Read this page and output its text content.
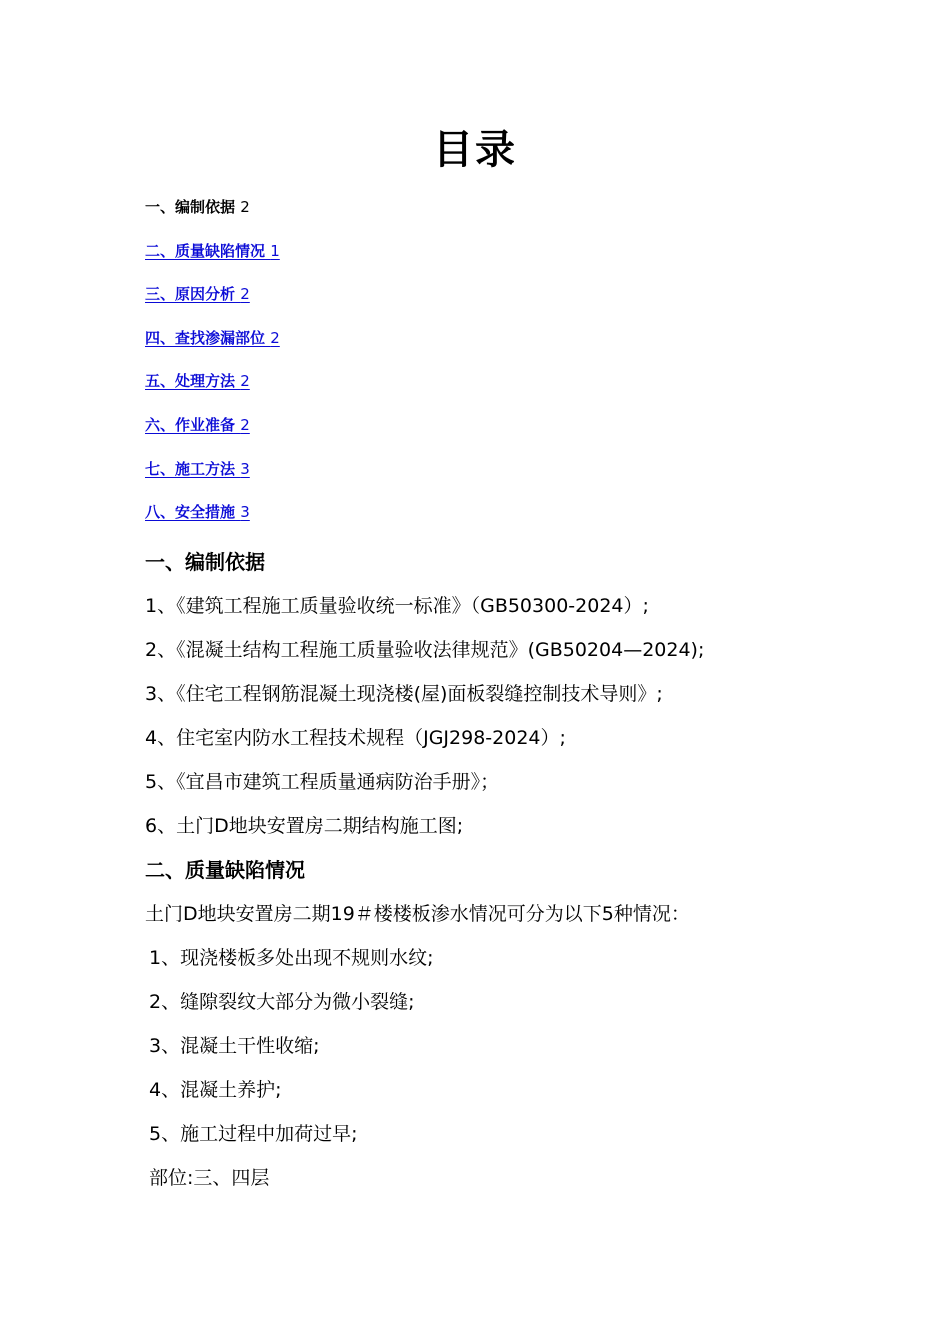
目录
一、编制依据 2
二、质量缺陷情况 1
三、原因分析 2
四、查找渗漏部位 2
五、处理方法 2
六、作业准备 2
七、施工方法 3
八、安全措施 3
一、编制依据
1、《建筑工程施工质量验收统一标准》（GB50300-2024）;
2、《混凝土结构工程施工质量验收法律规范》(GB50204—2024);
3、《住宅工程钢筋混凝土现浇楼(屋)面板裂缝控制技术导则》;
4、住宅室内防水工程技术规程（JGJ298-2024）;
5、《宜昌市建筑工程质量通病防治手册》；
6、土门D地块安置房二期结构施工图;
二、质量缺陷情况
土门D地块安置房二期19＃楼楼板渗水情况可分为以下5种情况：
1、现浇楼板多处出现不规则水纹;
2、缝隙裂纹大部分为微小裂缝;
3、混凝土干性收缩;
4、混凝土养护;
5、施工过程中加荷过早;
部位:三、四层
